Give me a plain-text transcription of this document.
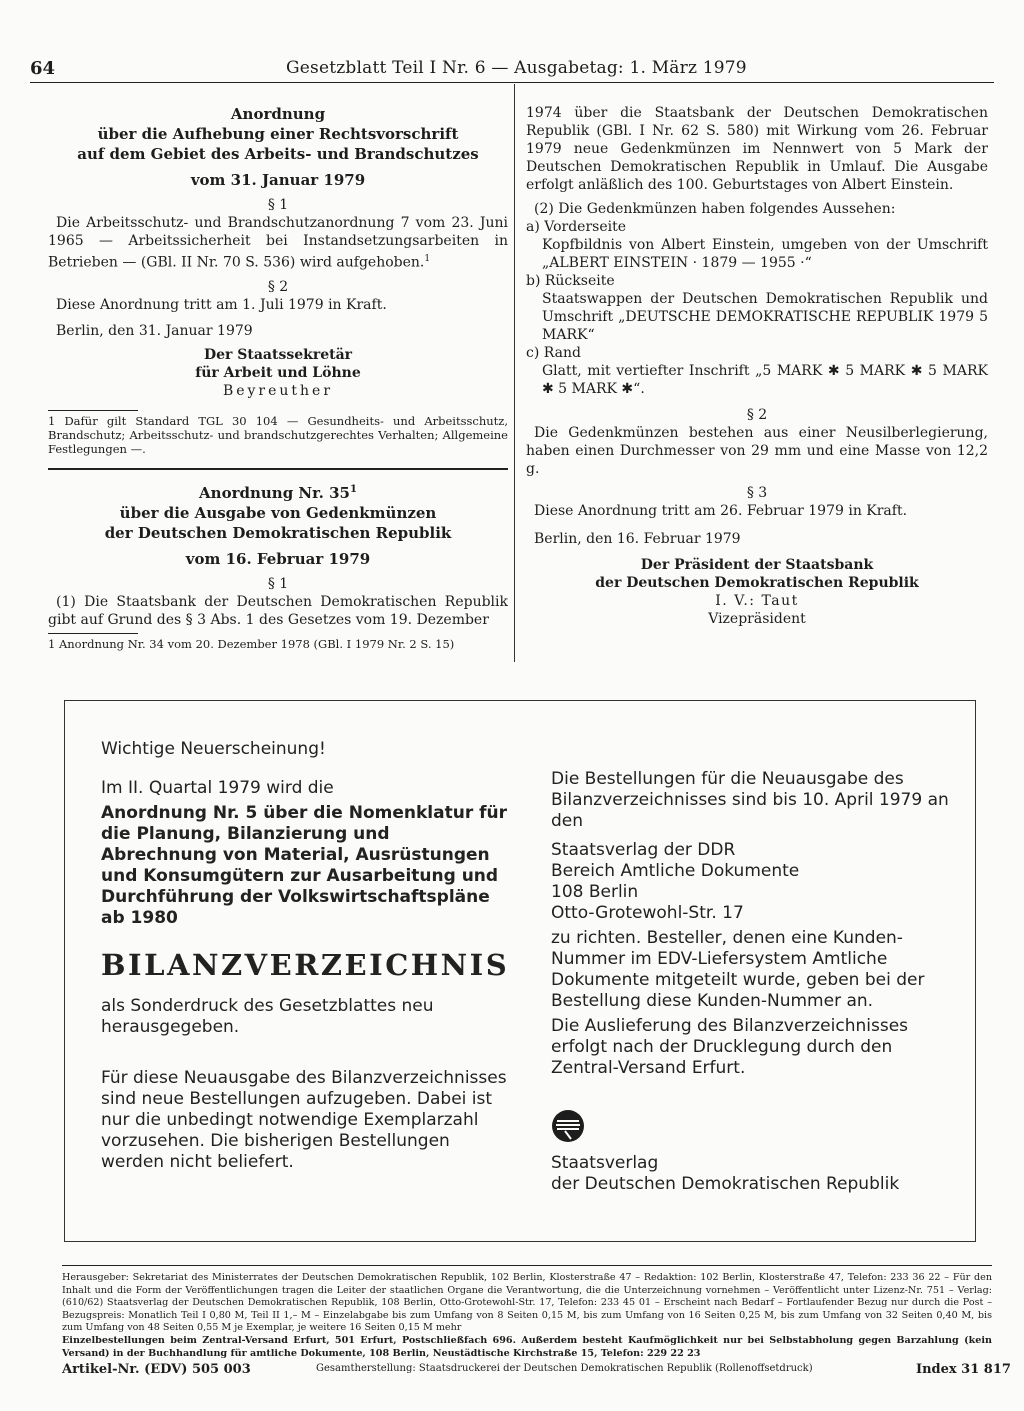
64	Gesetzblatt Teil I Nr. 6 — Ausgabetag: 1. März 1979
Anordnung
über die Aufhebung einer Rechtsvorschrift
auf dem Gebiet des Arbeits- und Brandschutzes
vom 31. Januar 1979
§ 1
Die Arbeitsschutz- und Brandschutzanordnung 7 vom 23. Juni 1965 — Arbeitssicherheit bei Instandsetzungsarbeiten in Betrieben — (GBl. II Nr. 70 S. 536) wird aufgehoben.$^1$
§ 2
Diese Anordnung tritt am 1. Juli 1979 in Kraft.
Berlin, den 31. Januar 1979
Der Staatssekretär
für Arbeit und Löhne
Beyreuther
1 Dafür gilt Standard TGL 30 104 — Gesundheits- und Arbeitsschutz, Brandschutz; Arbeitsschutz- und brandschutzgerechtes Verhalten; Allgemeine Festlegungen —.
Anordnung Nr. $35^1$
über die Ausgabe von Gedenkmünzen
der Deutschen Demokratischen Republik
vom 16. Februar 1979
§ 1
(1) Die Staatsbank der Deutschen Demokratischen Republik gibt auf Grund des § 3 Abs. 1 des Gesetzes vom 19. Dezember
1 Anordnung Nr. 34 vom 20. Dezember 1978 (GBl. I 1979 Nr. 2 S. 15)
1974 über die Staatsbank der Deutschen Demokratischen Republik (GBl. I Nr. 62 S. 580) mit Wirkung vom 26. Februar 1979 neue Gedenkmünzen im Nennwert von 5 Mark der Deutschen Demokratischen Republik in Umlauf. Die Ausgabe erfolgt anläßlich des 100. Geburtstages von Albert Einstein.
(2) Die Gedenkmünzen haben folgendes Aussehen:
a) Vorderseite
Kopfbildnis von Albert Einstein, umgeben von der Umschrift „ALBERT EINSTEIN · 1879 — 1955 ·“
b) Rückseite
Staatswappen der Deutschen Demokratischen Republik und Umschrift „DEUTSCHE DEMOKRATISCHE REPUBLIK 1979 5 MARK“
c) Rand
Glatt, mit vertiefter Inschrift „5 MARK ✱ 5 MARK ✱ 5 MARK ✱ 5 MARK ✱“.
§ 2
Die Gedenkmünzen bestehen aus einer Neusilberlegierung, haben einen Durchmesser von 29 mm und eine Masse von 12,2 g.
§ 3
Diese Anordnung tritt am 26. Februar 1979 in Kraft.
Berlin, den 16. Februar 1979
Der Präsident der Staatsbank
der Deutschen Demokratischen Republik
I. V.: Taut
Vizepräsident
Wichtige Neuerscheinung!
Im II. Quartal 1979 wird die
Anordnung Nr. 5 über die Nomenklatur für die Planung, Bilanzierung und Abrechnung von Material, Ausrüstungen und Konsumgütern zur Ausarbeitung und Durchführung der Volkswirtschaftspläne ab 1980
BILANZVERZEICHNIS
als Sonderdruck des Gesetzblattes neu herausgegeben.
Für diese Neuausgabe des Bilanzverzeichnisses sind neue Bestellungen aufzugeben. Dabei ist nur die unbedingt notwendige Exemplarzahl vorzusehen. Die bisherigen Bestellungen werden nicht beliefert.
Die Bestellungen für die Neuausgabe des Bilanzverzeichnisses sind bis 10. April 1979 an den
Staatsverlag der DDR
Bereich Amtliche Dokumente
108 Berlin
Otto-Grotewohl-Str. 17
zu richten. Besteller, denen eine Kunden-Nummer im EDV-Liefersystem Amtliche Dokumente mitgeteilt wurde, geben bei der Bestellung diese Kunden-Nummer an.
Die Auslieferung des Bilanzverzeichnisses erfolgt nach der Drucklegung durch den Zentral-Versand Erfurt.
Staatsverlag
der Deutschen Demokratischen Republik
Herausgeber: Sekretariat des Ministerrates der Deutschen Demokratischen Republik, 102 Berlin, Klosterstraße 47 – Redaktion: 102 Berlin, Klosterstraße 47, Telefon: 233 36 22 – Für den Inhalt und die Form der Veröffentlichungen tragen die Leiter der staatlichen Organe die Verantwortung, die die Unterzeichnung vornehmen – Veröffentlicht unter Lizenz-Nr. 751 – Verlag: (610/62) Staatsverlag der Deutschen Demokratischen Republik, 108 Berlin, Otto-Grotewohl-Str. 17, Telefon: 233 45 01 – Erscheint nach Bedarf – Fortlaufender Bezug nur durch die Post – Bezugspreis: Monatlich Teil I 0,80 M, Teil II 1,– M – Einzelabgabe bis zum Umfang von 8 Seiten 0,15 M, bis zum Umfang von 16 Seiten 0,25 M, bis zum Umfang von 32 Seiten 0,40 M, bis zum Umfang von 48 Seiten 0,55 M je Exemplar, je weitere 16 Seiten 0,15 M mehr
Einzelbestellungen beim Zentral-Versand Erfurt, 501 Erfurt, Postschließfach 696. Außerdem besteht Kaufmöglichkeit nur bei Selbstabholung gegen Barzahlung (kein Versand) in der Buchhandlung für amtliche Dokumente, 108 Berlin, Neustädtische Kirchstraße 15, Telefon: 229 22 23
Artikel-Nr. (EDV) 505 003	Gesamtherstellung: Staatsdruckerei der Deutschen Demokratischen Republik (Rollenoffsetdruck)	Index 31 817
